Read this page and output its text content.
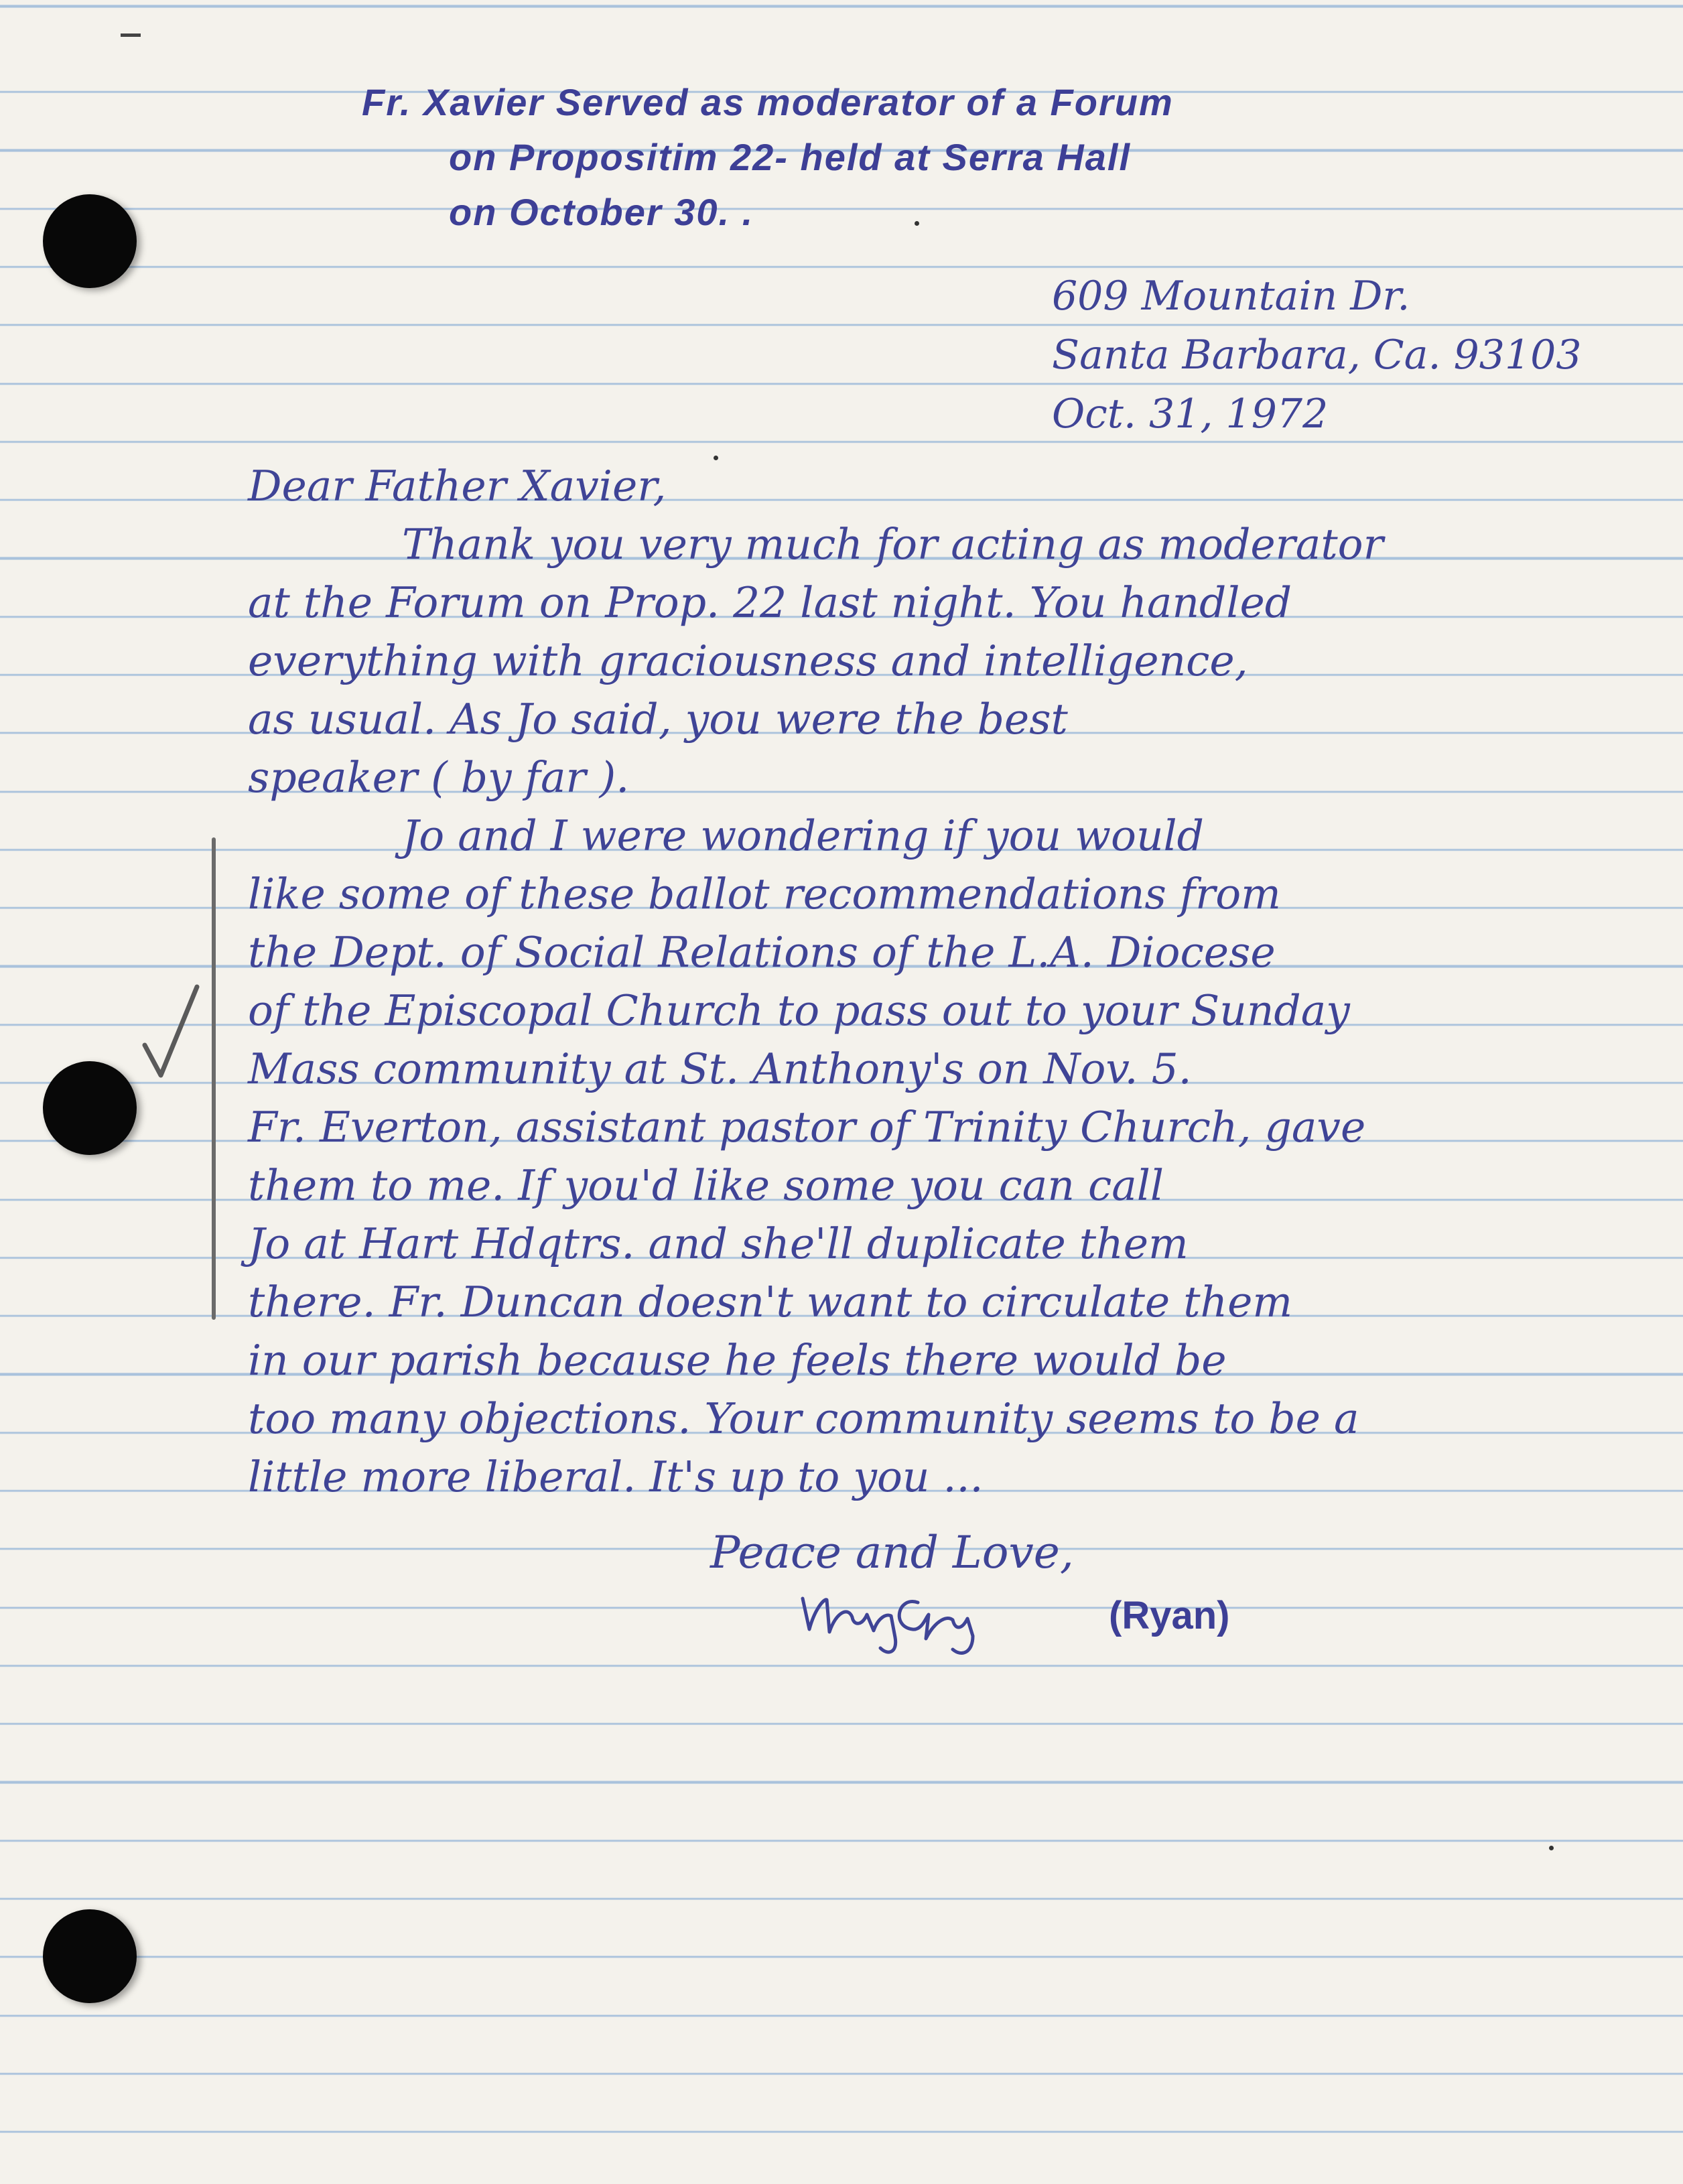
Fr. Xavier Served as moderator of a Forum
on Propositim 22- held at Serra Hall
on October 30. .
609 Mountain Dr.
Santa Barbara, Ca. 93103
Oct. 31, 1972
Dear Father Xavier,
Thank you very much for acting as moderator
at the Forum on Prop. 22 last night. You handled
everything with graciousness and intelligence,
as usual. As Jo said, you were the best
speaker ( by far ).
Jo and I were wondering if you would
like some of these ballot recommendations from
the Dept. of Social Relations of the L.A. Diocese
of the Episcopal Church to pass out to your Sunday
Mass community at St. Anthony's on Nov. 5.
Fr. Everton, assistant pastor of Trinity Church, gave
them to me. If you'd like some you can call
Jo at Hart Hdqtrs. and she'll duplicate them
there. Fr. Duncan doesn't want to circulate them
in our parish because he feels there would be
too many objections. Your community seems to be a
little more liberal. It's up to you ...
Peace and Love,
(Ryan)
